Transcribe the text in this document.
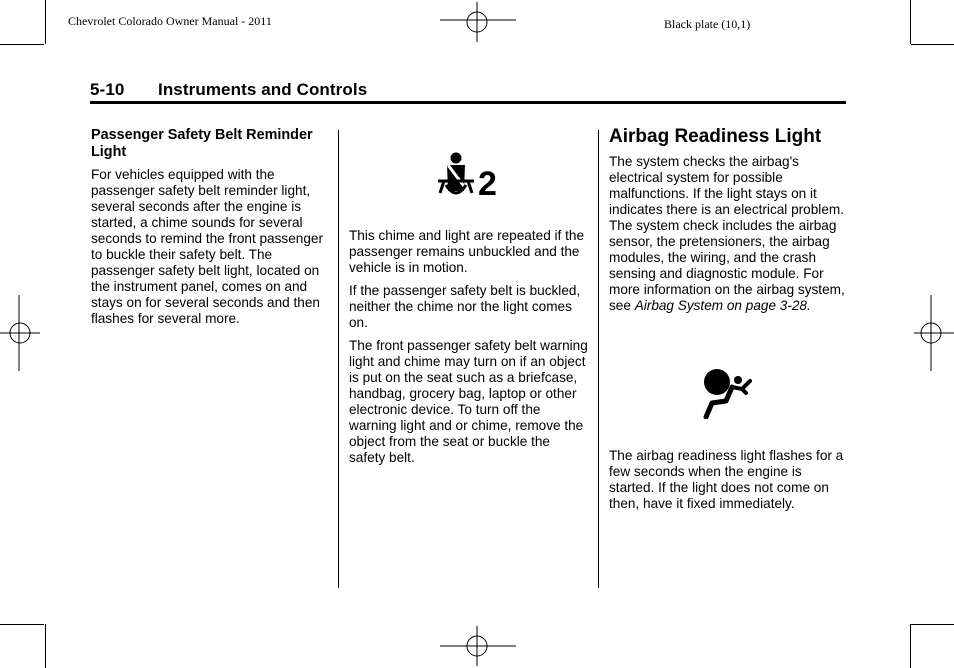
Chevrolet Colorado Owner Manual - 2011	Black plate (10,1)
5-10 Instruments and Controls
Passenger Safety Belt Reminder Light

For vehicles equipped with the passenger safety belt reminder light, several seconds after the engine is started, a chime sounds for several seconds to remind the front passenger to buckle their safety belt. The passenger safety belt light, located on the instrument panel, comes on and stays on for several seconds and then flashes for several more.

2

This chime and light are repeated if the passenger remains unbuckled and the vehicle is in motion.

If the passenger safety belt is buckled, neither the chime nor the light comes on.

The front passenger safety belt warning light and chime may turn on if an object is put on the seat such as a briefcase, handbag, grocery bag, laptop or other electronic device. To turn off the warning light and or chime, remove the object from the seat or buckle the safety belt.

Airbag Readiness Light

The system checks the airbag's electrical system for possible malfunctions. If the light stays on it indicates there is an electrical problem. The system check includes the airbag sensor, the pretensioners, the airbag modules, the wiring, and the crash sensing and diagnostic module. For more information on the airbag system, see Airbag System on page 3-28.

The airbag readiness light flashes for a few seconds when the engine is started. If the light does not come on then, have it fixed immediately.
